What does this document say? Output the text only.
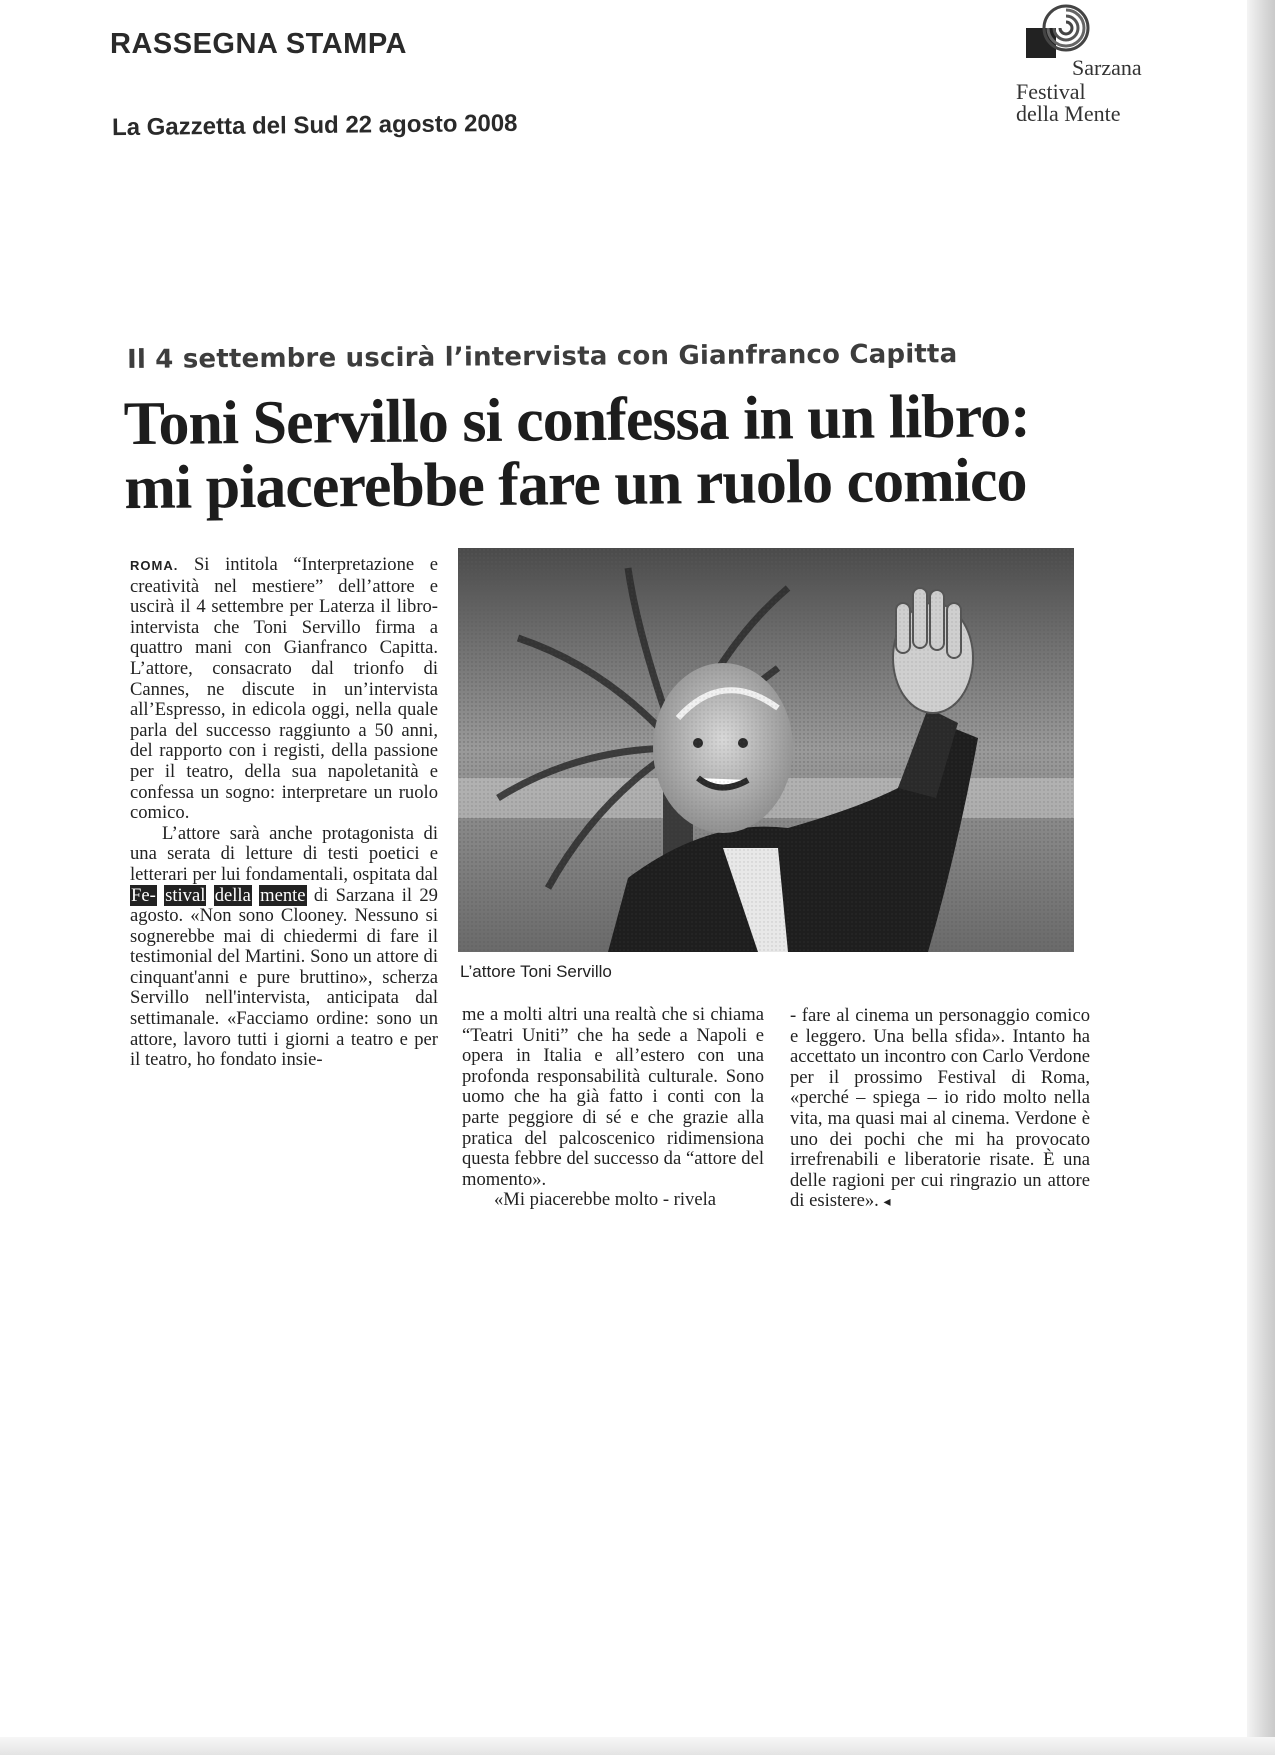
RASSEGNA STAMPA
La Gazzetta del Sud 22 agosto 2008
Sarzana
Festival
della Mente
Il 4 settembre uscirà l’intervista con Gianfranco Capitta
Toni Servillo si confessa in un libro: mi piacerebbe fare un ruolo comico

ROMA. Si intitola “Interpretazione e creatività nel mestiere” dell’attore e uscirà il 4 settembre per Laterza il libro-intervista che Toni Servillo firma a quattro mani con Gianfranco Capitta. L’attore, consacrato dal trionfo di Cannes, ne discute in un’intervista all’Espresso, in edicola oggi, nella quale parla del successo raggiunto a 50 anni, del rapporto con i registi, della passione per il teatro, della sua napoletanità e confessa un sogno: interpretare un ruolo comico.

L’attore sarà anche protagonista di una serata di letture di testi poetici e letterari per lui fondamentali, ospitata dal Fe- stival della mente di Sarzana il 29 agosto. «Non sono Clooney. Nessuno si sognerebbe mai di chiedermi di fare il testimonial del Martini. Sono un attore di cinquant'anni e pure bruttino», scherza Servillo nell'intervista, anticipata dal settimanale. «Facciamo ordine: sono un attore, lavoro tutti i giorni a teatro e per il teatro, ho fondato insie-

L’attore Toni Servillo

me a molti altri una realtà che si chiama “Teatri Uniti” che ha sede a Napoli e opera in Italia e all’estero con una profonda responsabilità culturale. Sono uomo che ha già fatto i conti con la parte peggiore di sé e che grazie alla pratica del palcoscenico ridimensiona questa febbre del successo da “attore del momento».

«Mi piacerebbe molto - rivela

- fare al cinema un personaggio comico e leggero. Una bella sfida». Intanto ha accettato un incontro con Carlo Verdone per il prossimo Festival di Roma, «perché – spiega – io rido molto nella vita, ma quasi mai al cinema. Verdone è uno dei pochi che mi ha provocato irrefrenabili e liberatorie risate. È una delle ragioni per cui ringrazio un attore di esistere». ◂
